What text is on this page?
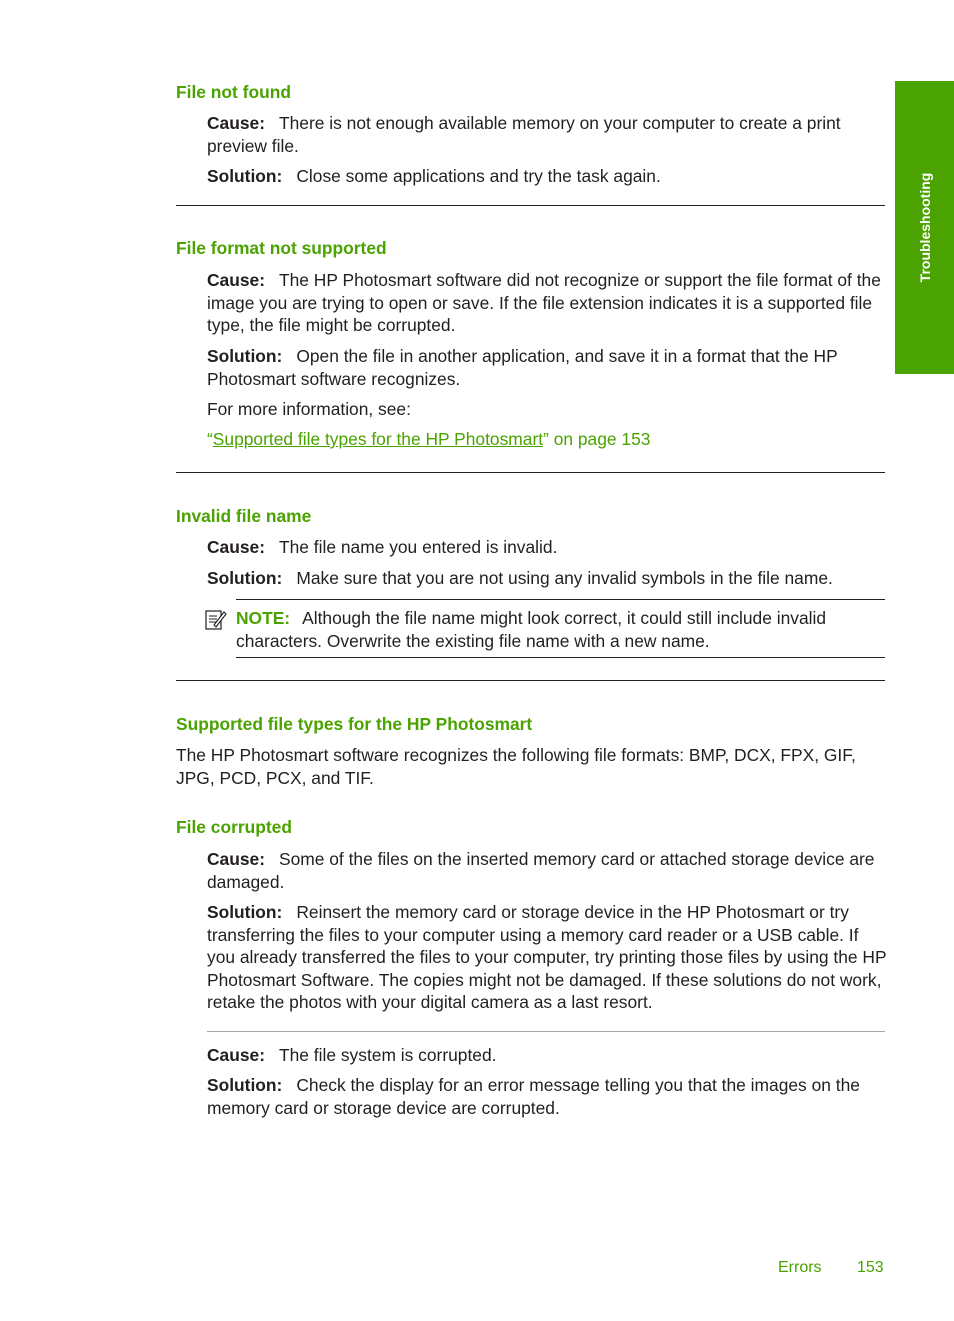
Troubleshooting
File not found
Cause: There is not enough available memory on your computer to create a print preview file.
Solution: Close some applications and try the task again.
File format not supported
Cause: The HP Photosmart software did not recognize or support the file format of the image you are trying to open or save. If the file extension indicates it is a supported file type, the file might be corrupted.
Solution: Open the file in another application, and save it in a format that the HP Photosmart software recognizes.
For more information, see:
“Supported file types for the HP Photosmart” on page 153
Invalid file name
Cause: The file name you entered is invalid.
Solution: Make sure that you are not using any invalid symbols in the file name.
NOTE: Although the file name might look correct, it could still include invalid characters. Overwrite the existing file name with a new name.
Supported file types for the HP Photosmart
The HP Photosmart software recognizes the following file formats: BMP, DCX, FPX, GIF, JPG, PCD, PCX, and TIF.
File corrupted
Cause: Some of the files on the inserted memory card or attached storage device are damaged.
Solution: Reinsert the memory card or storage device in the HP Photosmart or try transferring the files to your computer using a memory card reader or a USB cable. If you already transferred the files to your computer, try printing those files by using the HP Photosmart Software. The copies might not be damaged. If these solutions do not work, retake the photos with your digital camera as a last resort.
Cause: The file system is corrupted.
Solution: Check the display for an error message telling you that the images on the memory card or storage device are corrupted.
Errors 153
